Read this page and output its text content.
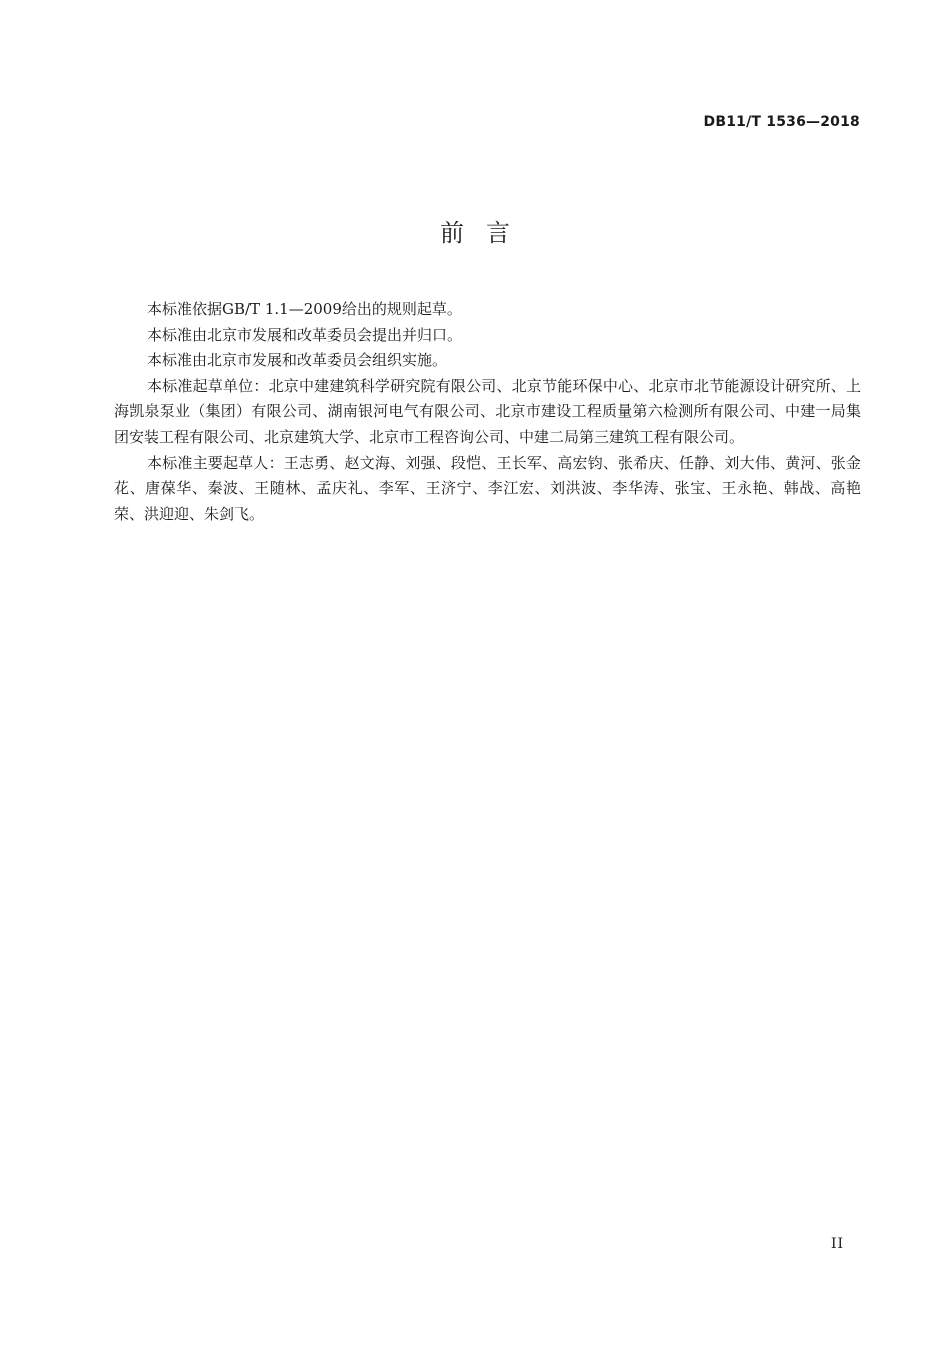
DB11/T 1536—2018
前言

本标准依据GB/T 1.1—2009给出的规则起草。

本标准由北京市发展和改革委员会提出并归口。

本标准由北京市发展和改革委员会组织实施。

本标准起草单位：北京中建建筑科学研究院有限公司、北京节能环保中心、北京市北节能源设计研究所、上海凯泉泵业（集团）有限公司、湖南银河电气有限公司、北京市建设工程质量第六检测所有限公司、中建一局集团安装工程有限公司、北京建筑大学、北京市工程咨询公司、中建二局第三建筑工程有限公司。

本标准主要起草人：王志勇、赵文海、刘强、段恺、王长军、高宏钧、张希庆、任静、刘大伟、黄河、张金花、唐葆华、秦波、王随林、孟庆礼、李军、王济宁、李江宏、刘洪波、李华涛、张宝、王永艳、韩战、高艳荣、洪迎迎、朱剑飞。

II
